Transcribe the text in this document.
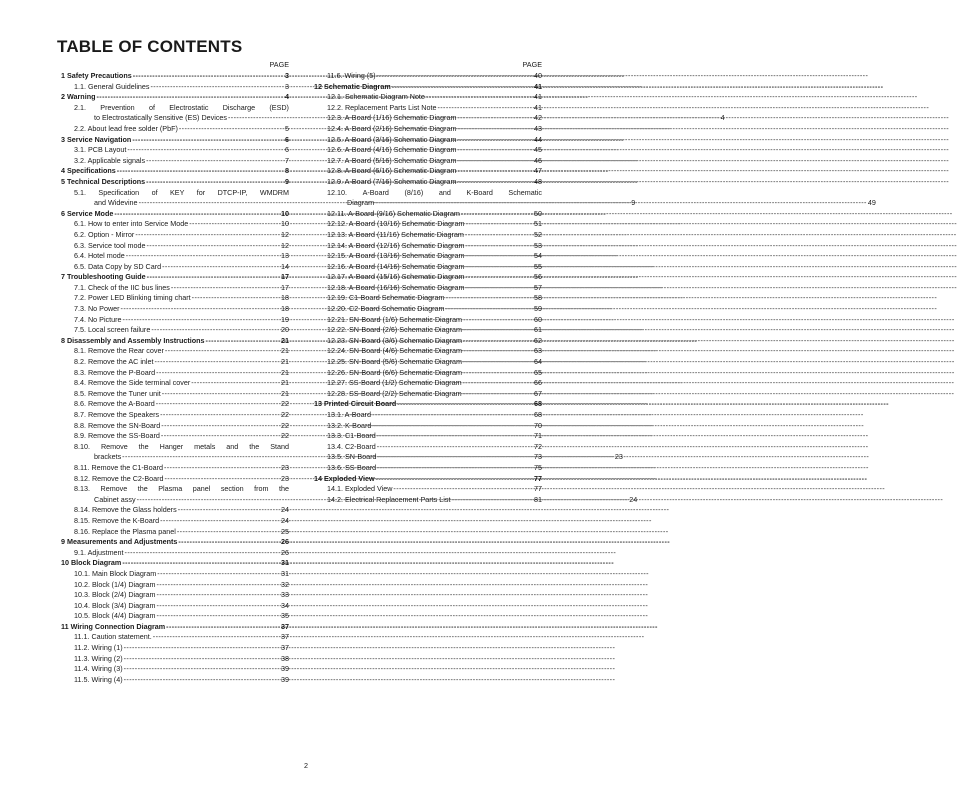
TABLE OF CONTENTS
PAGE
1 Safety Precautions -----	3
1.1. General Guidelines -----	3
2 Warning -----	4
2.1. Prevention of Electrostatic Discharge (ESD)
to Electrostatically Sensitive (ES) Devices -----	4
2.2. About lead free solder (PbF) -----	5
3 Service Navigation -----	6
3.1. PCB Layout -----	6
3.2. Applicable signals -----	7
4 Specifications -----	8
5 Technical Descriptions -----	9
5.1. Specification of KEY for DTCP-IP, WMDRM
and Widevine -----	9
6 Service Mode -----	10
6.1. How to enter into Service Mode -----	10
6.2. Option - Mirror -----	12
6.3. Service tool mode -----	12
6.4. Hotel mode -----	13
6.5. Data Copy by SD Card -----	14
7 Troubleshooting Guide -----	17
7.1. Check of the IIC bus lines -----	17
7.2. Power LED Blinking timing chart -----	18
7.3. No Power -----	18
7.4. No Picture -----	19
7.5. Local screen failure -----	20
8 Disassembly and Assembly Instructions -----	21
8.1. Remove the Rear cover -----	21
8.2. Remove the AC inlet -----	21
8.3. Remove the P-Board -----	21
8.4. Remove the Side terminal cover -----	21
8.5. Remove the Tuner unit -----	21
8.6. Remove the A-Board -----	22
8.7. Remove the Speakers -----	22
8.8. Remove the SN-Board -----	22
8.9. Remove the SS-Board -----	22
8.10. Remove the Hanger metals and the Stand
brackets -----	23
8.11. Remove the C1-Board -----	23
8.12. Remove the C2-Board -----	23
8.13. Remove the Plasma panel section from the
Cabinet assy -----	24
8.14. Remove the Glass holders -----	24
8.15. Remove the K-Board -----	24
8.16. Replace the Plasma panel -----	25
9 Measurements and Adjustments -----	26
9.1. Adjustment -----	26
10 Block Diagram -----	31
10.1. Main Block Diagram -----	31
10.2. Block (1/4) Diagram -----	32
10.3. Block (2/4) Diagram -----	33
10.4. Block (3/4) Diagram -----	34
10.5. Block (4/4) Diagram -----	35
11 Wiring Connection Diagram -----	37
11.1. Caution statement. -----	37
11.2. Wiring (1) -----	37
11.3. Wiring (2) -----	38
11.4. Wiring (3) -----	39
11.5. Wiring (4) -----	39
PAGE
11.6. Wiring (5) -----	40
12 Schematic Diagram -----	41
12.1. Schematic Diagram Note -----	41
12.2. Replacement Parts List Note -----	41
12.3. A-Board (1/16) Schematic Diagram -----	42
12.4. A-Board (2/16) Schematic Diagram -----	43
12.5. A-Board (3/16) Schematic Diagram -----	44
12.6. A-Board (4/16) Schematic Diagram -----	45
12.7. A-Board (5/16) Schematic Diagram -----	46
12.8. A-Board (6/16) Schematic Diagram -----	47
12.9. A-Board (7/16) Schematic Diagram -----	48
12.10. A-Board (8/16) and K-Board Schematic
Diagram -----	49
12.11. A-Board (9/16) Schematic Diagram -----	50
12.12. A-Board (10/16) Schematic Diagram -----	51
12.13. A-Board (11/16) Schematic Diagram -----	52
12.14. A-Board (12/16) Schematic Diagram -----	53
12.15. A-Board (13/16) Schematic Diagram -----	54
12.16. A-Board (14/16) Schematic Diagram -----	55
12.17. A-Board (15/16) Schematic Diagram -----	56
12.18. A-Board (16/16) Schematic Diagram -----	57
12.19. C1-Board Schematic Diagram -----	58
12.20. C2-Board Schematic Diagram -----	59
12.21. SN-Board (1/6) Schematic Diagram -----	60
12.22. SN-Board (2/6) Schematic Diagram -----	61
12.23. SN-Board (3/6) Schematic Diagram -----	62
12.24. SN-Board (4/6) Schematic Diagram -----	63
12.25. SN-Board (5/6) Schematic Diagram -----	64
12.26. SN-Board (6/6) Schematic Diagram -----	65
12.27. SS-Board (1/2) Schematic Diagram -----	66
12.28. SS-Board (2/2) Schematic Diagram -----	67
13 Printed Circuit Board -----	68
13.1. A-Board -----	68
13.2. K-Board -----	70
13.3. C1-Board -----	71
13.4. C2-Board -----	72
13.5. SN-Board -----	73
13.6. SS-Board -----	75
14 Exploded View -----	77
14.1. Exploded View -----	77
14.2. Electrical Replacement Parts List -----	81
2
